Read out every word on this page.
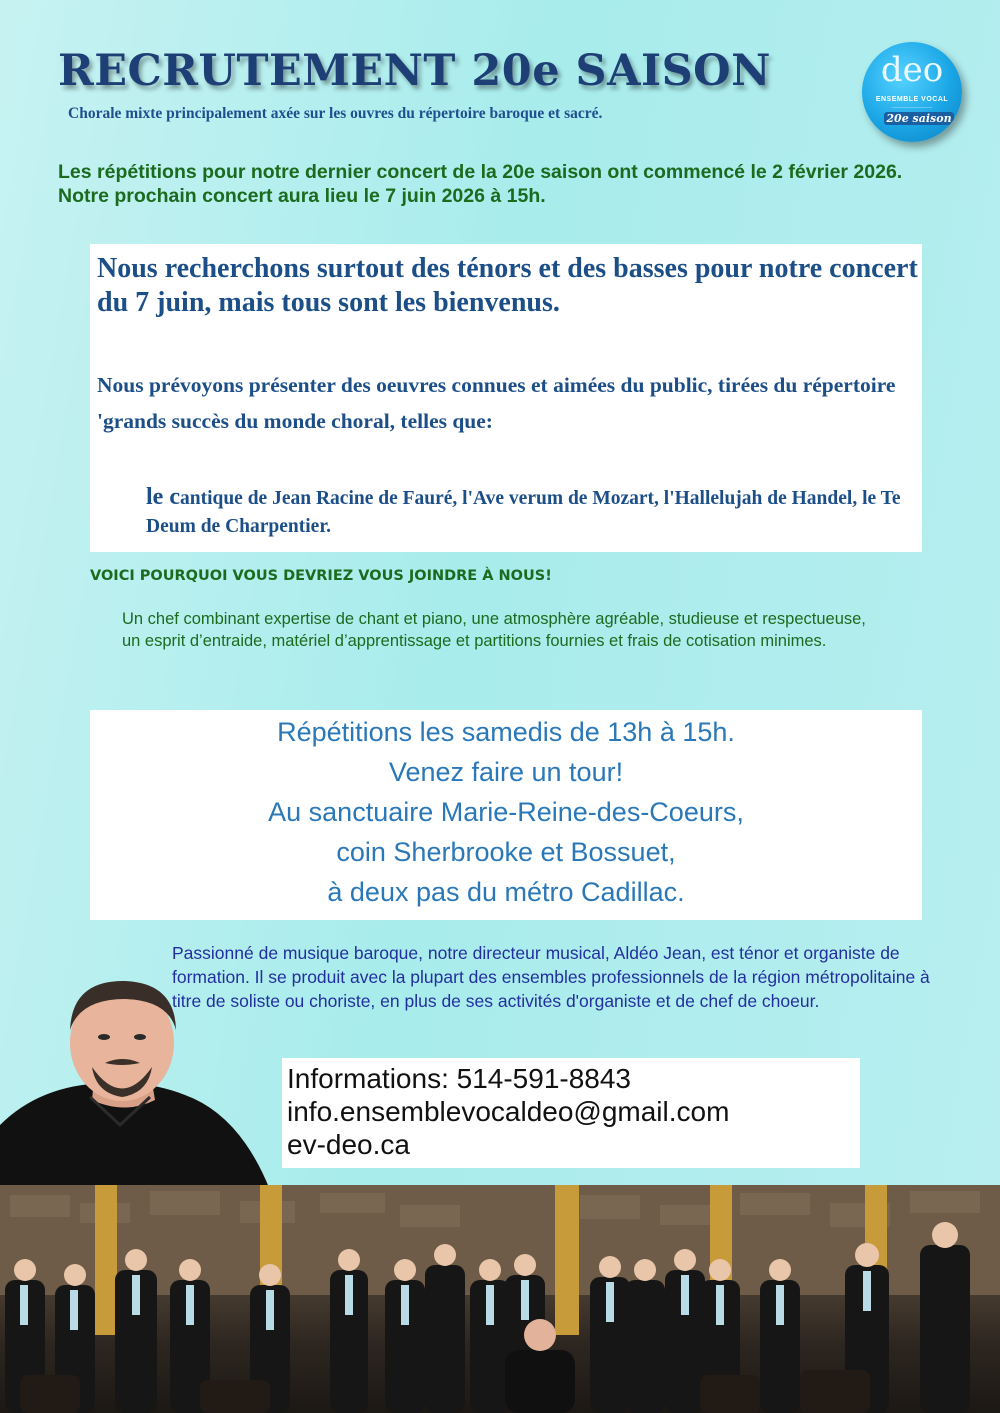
RECRUTEMENT 20e SAISON
Chorale mixte principalement axée sur les ouvres du répertoire baroque et sacré.
deo
ENSEMBLE VOCAL
—————————
20e saison
Les répétitions pour notre dernier concert de la 20e saison ont commencé le 2 février 2026. Notre prochain concert aura lieu le 7 juin 2026 à 15h.
Nous recherchons surtout des ténors et des basses pour notre concert du 7 juin, mais tous sont les bienvenus.
Nous prévoyons présenter des oeuvres connues et aimées du public, tirées du répertoire 'grands succès du monde choral, telles que:
le cantique de Jean Racine de Fauré, l'Ave verum de Mozart, l'Hallelujah de Handel, le Te Deum de Charpentier.
VOICI POURQUOI VOUS DEVRIEZ VOUS JOINDRE À NOUS!
Un chef combinant expertise de chant et piano, une atmosphère agréable, studieuse et respectueuse, un esprit d’entraide, matériel d’apprentissage et partitions fournies et frais de cotisation minimes.
Répétitions les samedis de 13h à 15h.
Venez faire un tour!
Au sanctuaire Marie-Reine-des-Coeurs,
coin Sherbrooke et Bossuet,
à deux pas du métro Cadillac.
Passionné de musique baroque, notre directeur musical, Aldéo Jean, est ténor et organiste de formation. Il se produit avec la plupart des ensembles professionnels de la région métropolitaine à titre de soliste ou choriste, en plus de ses activités d'organiste et de chef de choeur.
Informations: 514-591-8843
info.ensemblevocaldeo@gmail.com
ev-deo.ca
